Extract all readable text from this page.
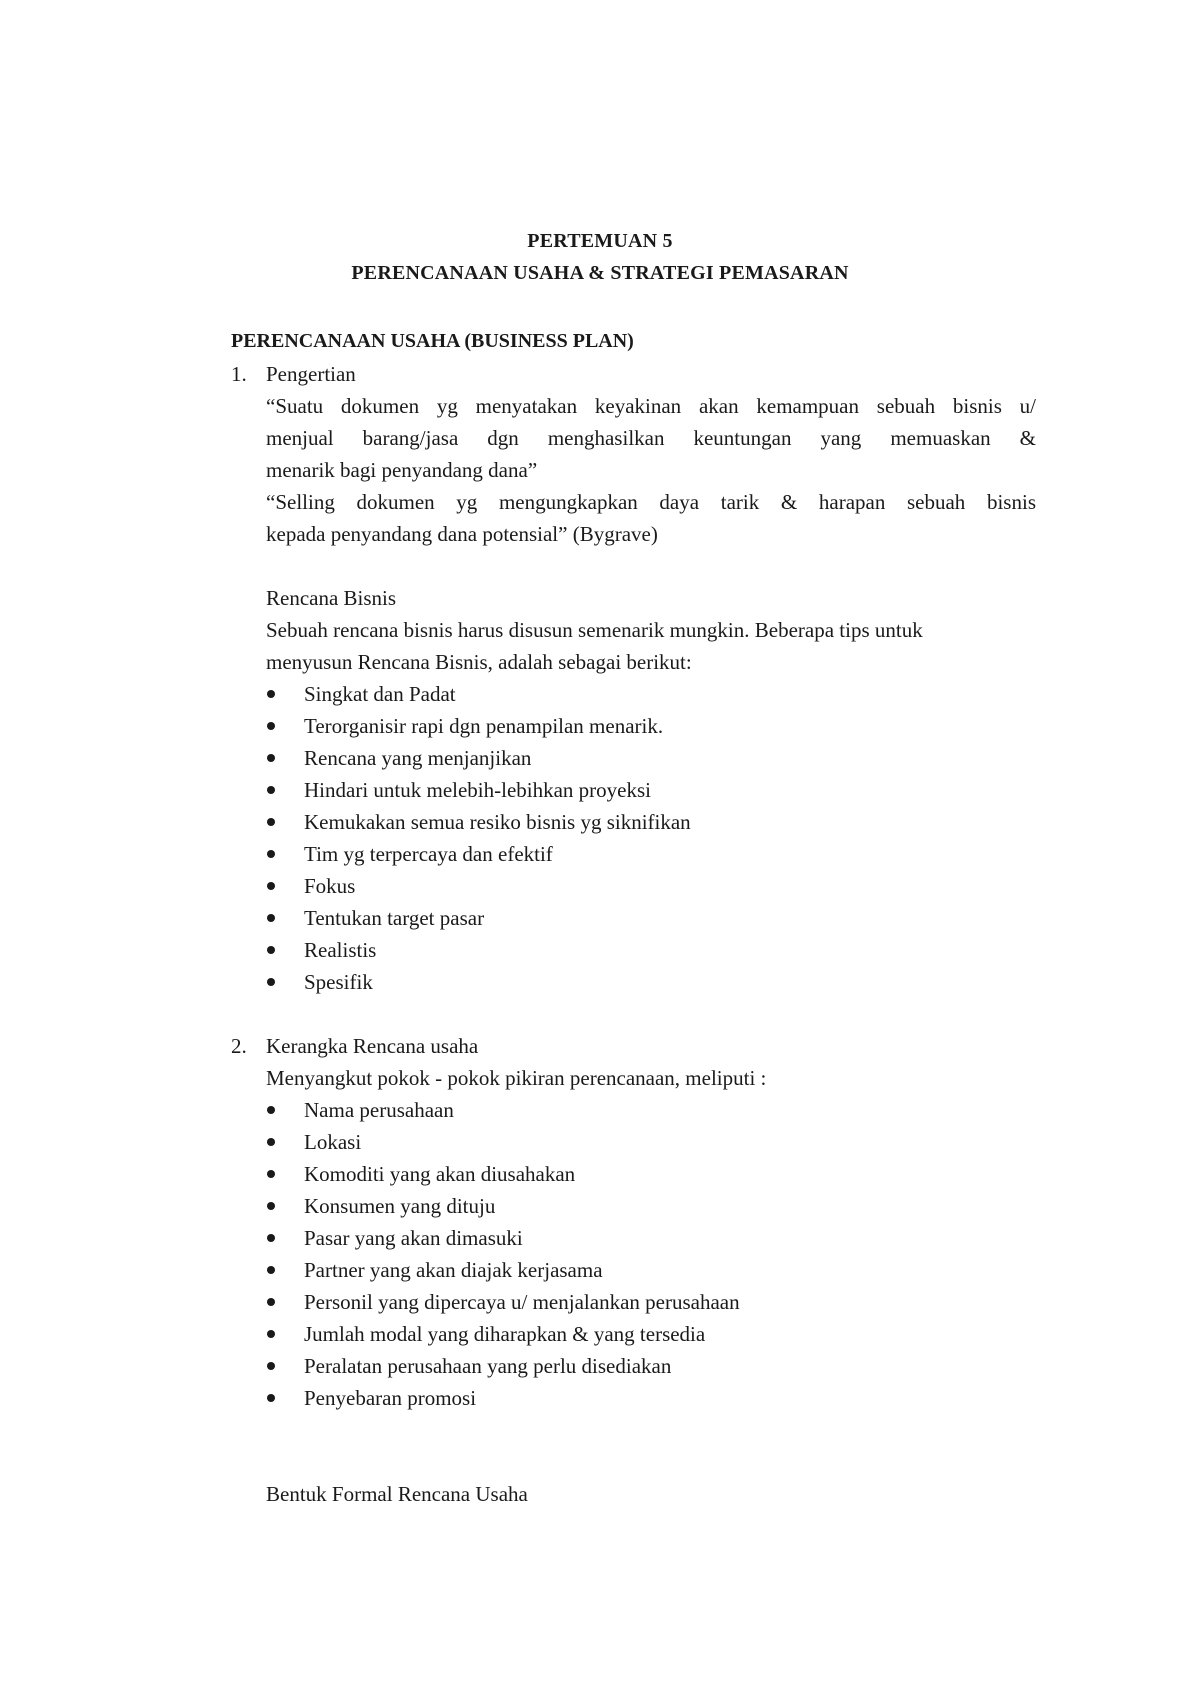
PERTEMUAN 5
PERENCANAAN USAHA & STRATEGI PEMASARAN
PERENCANAAN USAHA (BUSINESS PLAN)
1. Pengertian
“Suatu dokumen yg menyatakan keyakinan akan kemampuan sebuah bisnis u/
menjual barang/jasa dgn menghasilkan keuntungan yang memuaskan &
menarik bagi penyandang dana”
“Selling dokumen yg mengungkapkan daya tarik & harapan sebuah bisnis
kepada penyandang dana potensial” (Bygrave)
Rencana Bisnis
Sebuah rencana bisnis harus disusun semenarik mungkin. Beberapa tips untuk
menyusun Rencana Bisnis, adalah sebagai berikut:
Singkat dan Padat
Terorganisir rapi dgn penampilan menarik.
Rencana yang menjanjikan
Hindari untuk melebih-lebihkan proyeksi
Kemukakan semua resiko bisnis yg siknifikan
Tim yg terpercaya dan efektif
Fokus
Tentukan target pasar
Realistis
Spesifik
2. Kerangka Rencana usaha
Menyangkut pokok - pokok pikiran perencanaan, meliputi :
Nama perusahaan
Lokasi
Komoditi yang akan diusahakan
Konsumen yang dituju
Pasar yang akan dimasuki
Partner yang akan diajak kerjasama
Personil yang dipercaya u/ menjalankan perusahaan
Jumlah modal yang diharapkan & yang tersedia
Peralatan perusahaan yang perlu disediakan
Penyebaran promosi
Bentuk Formal Rencana Usaha
